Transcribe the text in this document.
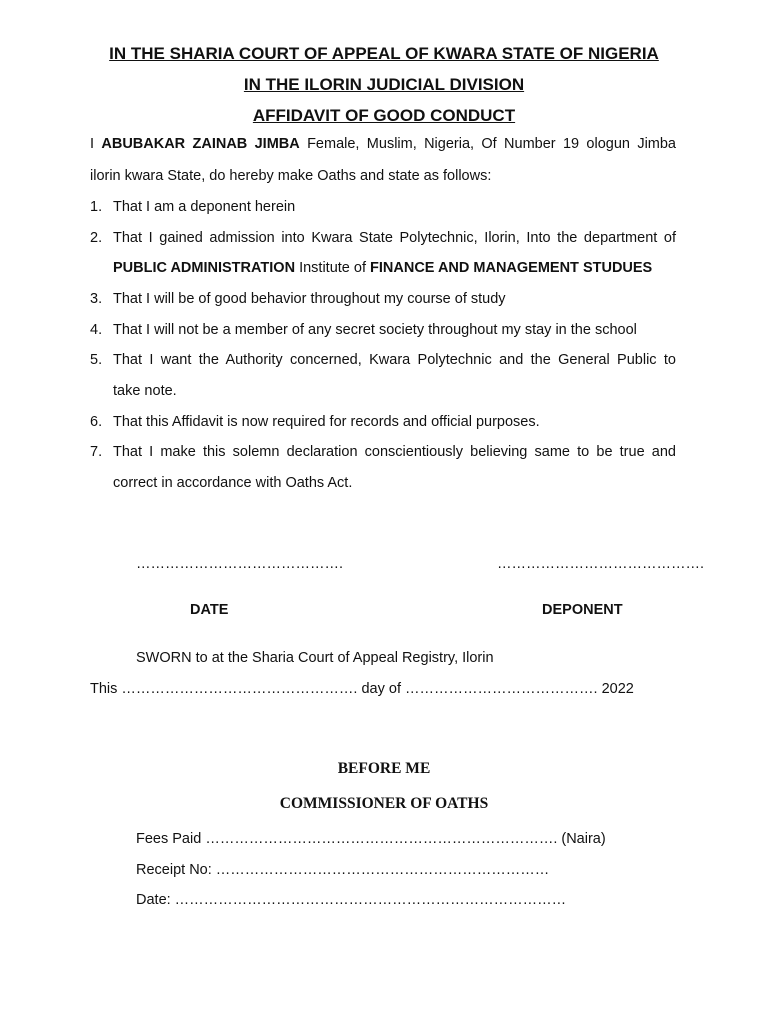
IN THE SHARIA COURT OF APPEAL OF KWARA STATE OF NIGERIA
IN THE ILORIN JUDICIAL DIVISION
AFFIDAVIT OF GOOD CONDUCT
I ABUBAKAR ZAINAB JIMBA Female, Muslim, Nigeria, Of Number 19 ologun Jimba
ilorin kwara State, do hereby make Oaths and state as follows:
1. That I am a deponent herein
2. That I gained admission into Kwara State Polytechnic, Ilorin, Into the department of
PUBLIC ADMINISTRATION Institute of FINANCE AND MANAGEMENT STUDUES
3. That I will be of good behavior throughout my course of study
4. That I will not be a member of any secret society throughout my stay in the school
5. That I want the Authority concerned, Kwara Polytechnic and the General Public to
take note.
6. That this Affidavit is now required for records and official purposes.
7. That I make this solemn declaration conscientiously believing same to be true and
correct in accordance with Oaths Act.
…………………………………….	…………………………………….
DATE	DEPONENT
SWORN to at the Sharia Court of Appeal Registry, Ilorin
This …………………………………………. day of …………………………………. 2022
BEFORE ME
COMMISSIONER OF OATHS
Fees Paid ………………………………………………………………. (Naira)
Receipt No: ……………………………………………………………
Date: ………………………………………………………………………
